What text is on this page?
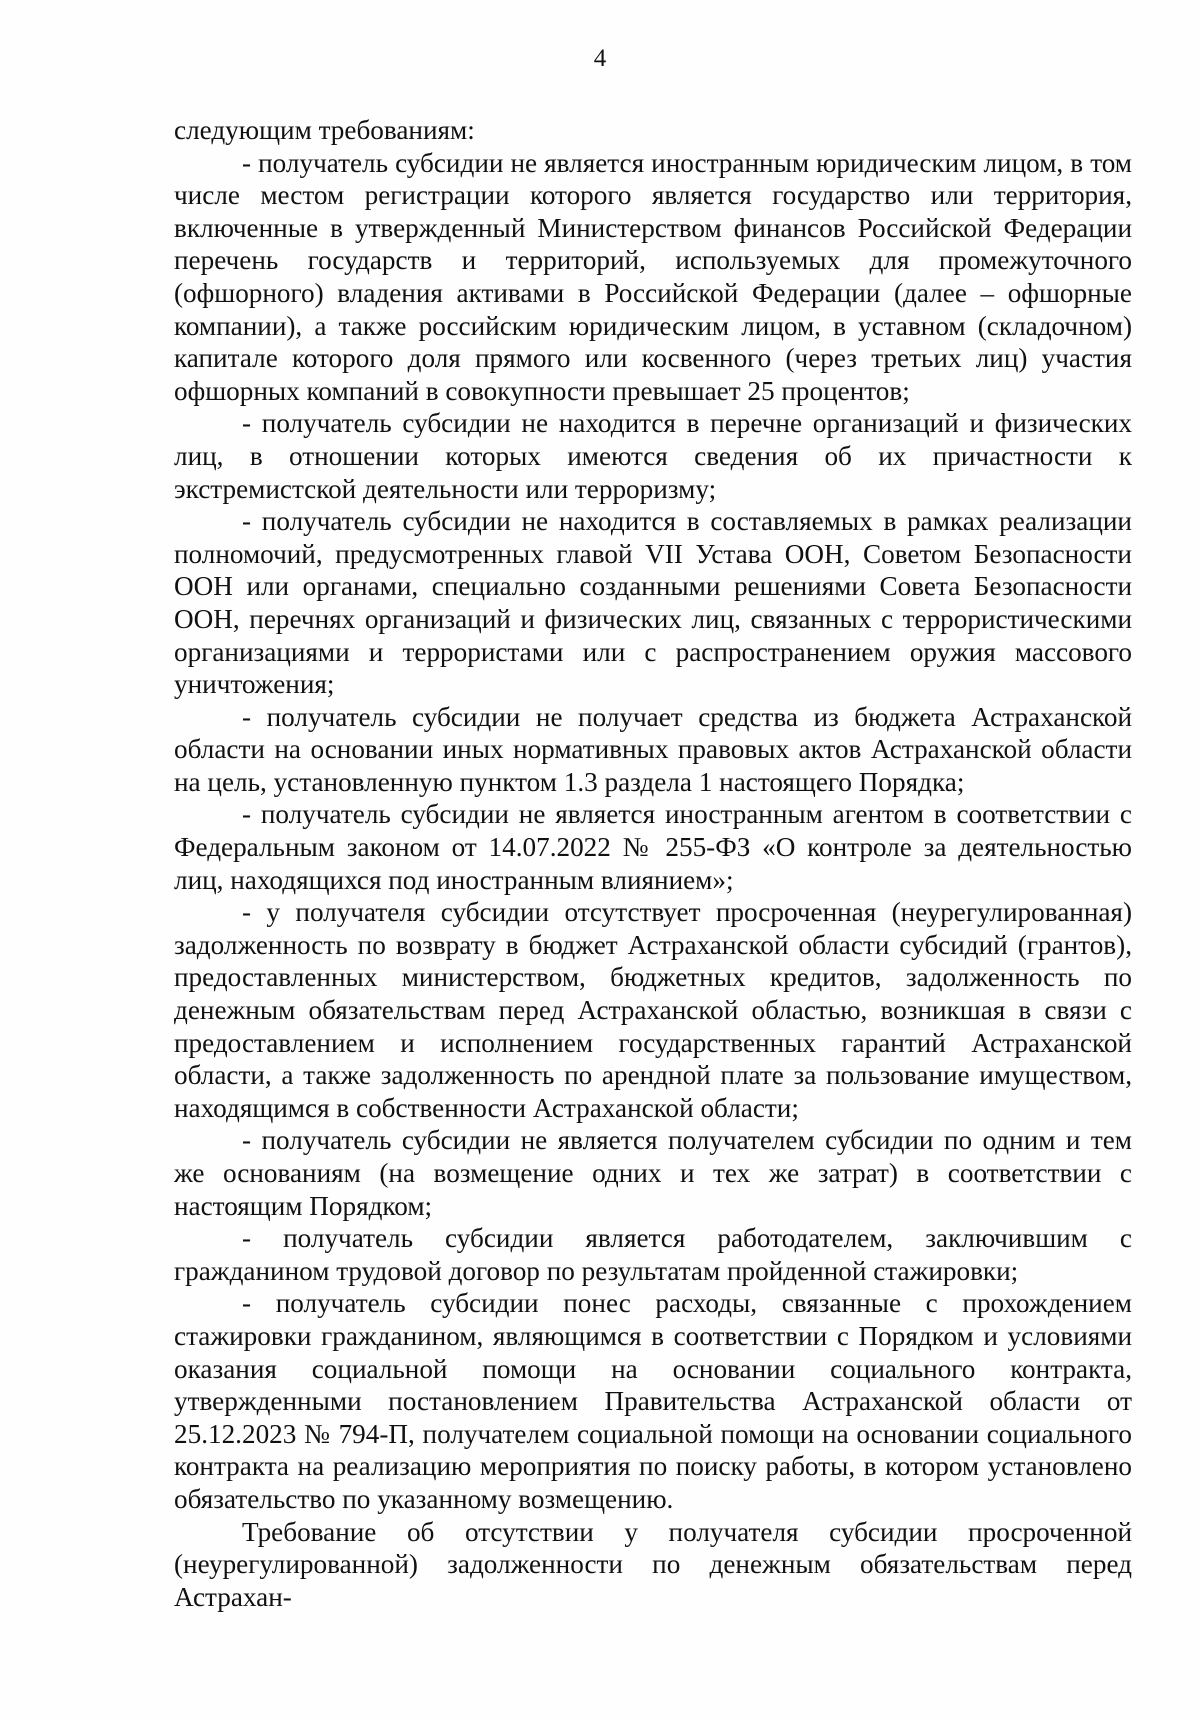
4

следующим требованиям:

- получатель субсидии не является иностранным юридическим лицом, в том числе местом регистрации которого является государство или территория, включенные в утвержденный Министерством финансов Российской Федерации перечень государств и территорий, используемых для промежуточного (офшорного) владения активами в Российской Федерации (далее – офшорные компании), а также российским юридическим лицом, в уставном (складочном) капитале которого доля прямого или косвенного (через третьих лиц) участия офшорных компаний в совокупности превышает 25 процентов;

- получатель субсидии не находится в перечне организаций и физических лиц, в отношении которых имеются сведения об их причастности к экстремистской деятельности или терроризму;

- получатель субсидии не находится в составляемых в рамках реализации полномочий, предусмотренных главой VII Устава ООН, Советом Безопасности ООН или органами, специально созданными решениями Совета Безопасности ООН, перечнях организаций и физических лиц, связанных с террористическими организациями и террористами или с распространением оружия массового уничтожения;

- получатель субсидии не получает средства из бюджета Астраханской области на основании иных нормативных правовых актов Астраханской области на цель, установленную пунктом 1.3 раздела 1 настоящего Порядка;

- получатель субсидии не является иностранным агентом в соответствии с Федеральным законом от 14.07.2022 № 255-ФЗ «О контроле за деятельностью лиц, находящихся под иностранным влиянием»;

- у получателя субсидии отсутствует просроченная (неурегулированная) задолженность по возврату в бюджет Астраханской области субсидий (грантов), предоставленных министерством, бюджетных кредитов, задолженность по денежным обязательствам перед Астраханской областью, возникшая в связи с предоставлением и исполнением государственных гарантий Астраханской области, а также задолженность по арендной плате за пользование имуществом, находящимся в собственности Астраханской области;

- получатель субсидии не является получателем субсидии по одним и тем же основаниям (на возмещение одних и тех же затрат) в соответствии с настоящим Порядком;

- получатель субсидии является работодателем, заключившим с гражданином трудовой договор по результатам пройденной стажировки;

- получатель субсидии понес расходы, связанные с прохождением стажировки гражданином, являющимся в соответствии с Порядком и условиями оказания социальной помощи на основании социального контракта, утвержденными постановлением Правительства Астраханской области от 25.12.2023 № 794-П, получателем социальной помощи на основании социального контракта на реализацию мероприятия по поиску работы, в котором установлено обязательство по указанному возмещению.

Требование об отсутствии у получателя субсидии просроченной (неурегулированной) задолженности по денежным обязательствам перед Астрахан-
